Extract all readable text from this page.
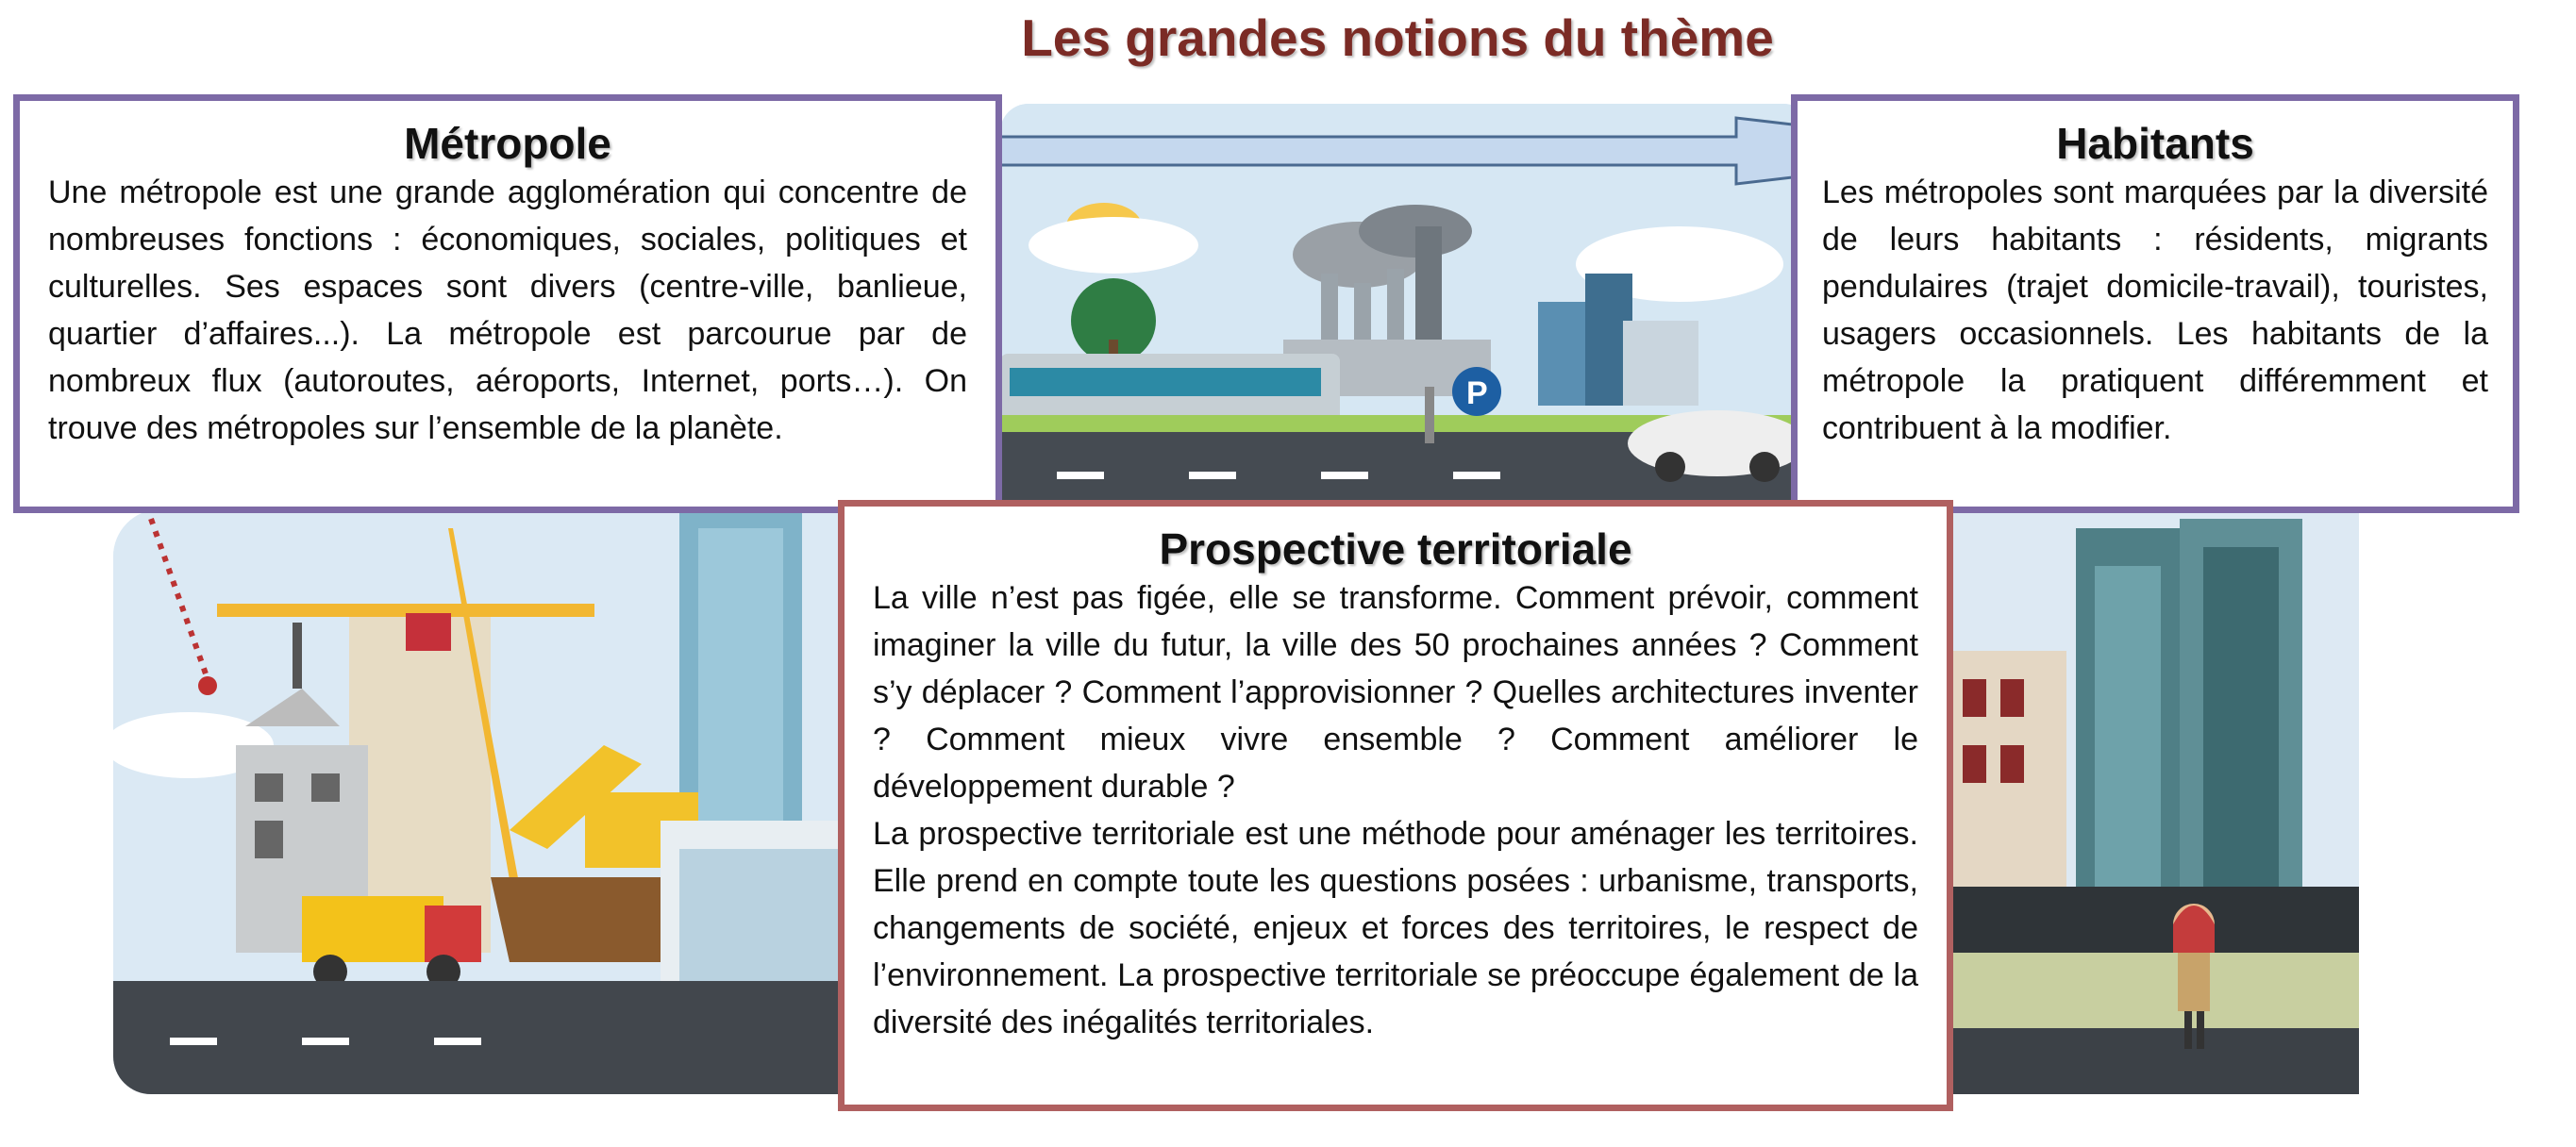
Les grandes notions du thème
P
Métropole

Une métropole est une grande agglomération qui concentre de nombreuses fonctions : économiques, sociales, politiques et culturelles. Ses espaces sont divers (centre-ville, banlieue, quartier d’affaires...). La métropole est parcourue par de nombreux flux (autoroutes, aéroports, Internet, ports…). On trouve des métropoles sur l’ensemble de la planète.

Habitants

Les métropoles sont marquées par la diversité de leurs habitants : résidents, migrants pendulaires (trajet domicile-travail), touristes, usagers occasionnels. Les habitants de la métropole la pratiquent différemment et contribuent à la modifier.

Prospective territoriale

La ville n’est pas figée, elle se transforme. Comment prévoir, comment imaginer la ville du futur, la ville des 50 prochaines années ? Comment s’y déplacer ? Comment l’approvisionner ? Quelles architectures inventer ? Comment mieux vivre ensemble ? Comment améliorer le développement durable ?

La prospective territoriale est une méthode pour aménager les territoires. Elle prend en compte toute les questions posées : urbanisme, transports, changements de société, enjeux et forces des territoires, le respect de l’environnement. La prospective territoriale se préoccupe également de la diversité des inégalités territoriales.
